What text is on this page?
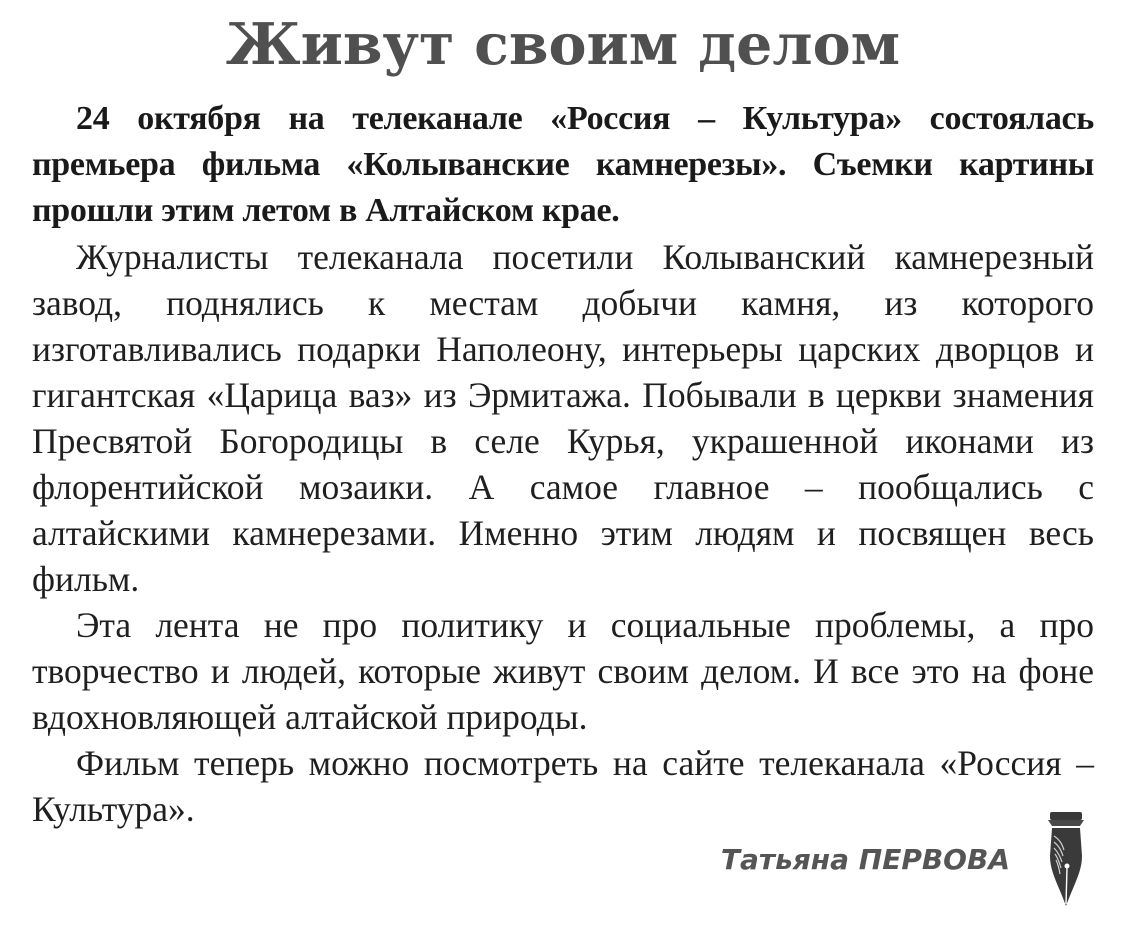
Живут своим делом

24 октября на телеканале «Россия – Культура» состоялась премьера фильма «Колыванские камнерезы». Съемки картины прошли этим летом в Алтайском крае.

Журналисты телеканала посетили Колыванский камнерезный завод, поднялись к местам добычи камня, из которого изготавливались подарки Наполеону, интерьеры царских дворцов и гигантская «Царица ваз» из Эрмитажа. Побывали в церкви знамения Пресвятой Богородицы в селе Курья, украшенной иконами из флорентийской мозаики. А самое главное – пообщались с алтайскими камнерезами. Именно этим людям и посвящен весь фильм.

Эта лента не про политику и социальные проблемы, а про творчество и людей, которые живут своим делом. И все это на фоне вдохновляющей алтайской природы.

Фильм теперь можно посмотреть на сайте телеканала «Россия – Культура».

Татьяна ПЕРВОВА
